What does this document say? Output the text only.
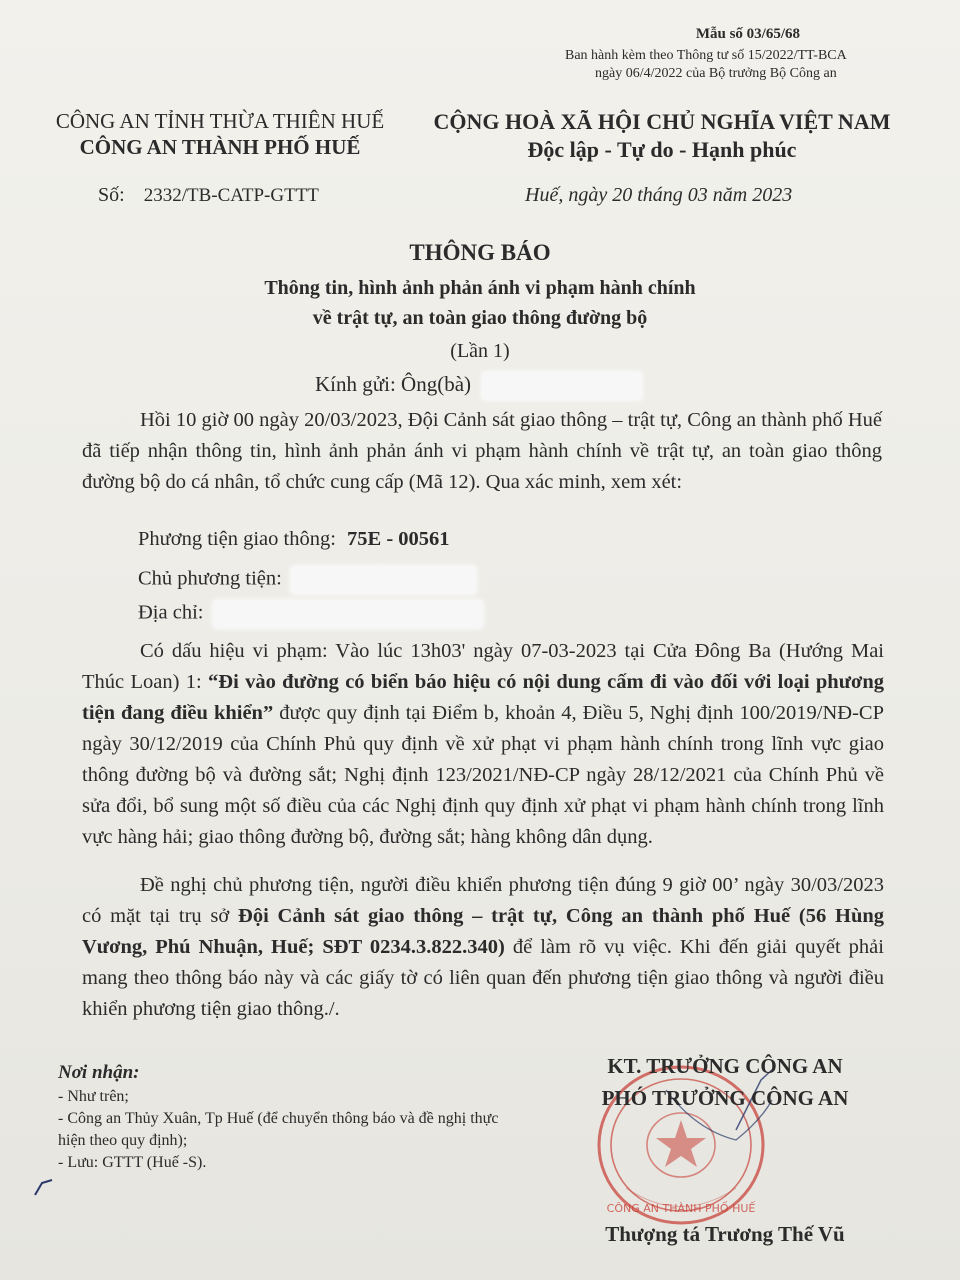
Mẫu số 03/65/68
Ban hành kèm theo Thông tư số 15/2022/TT-BCA
ngày 06/4/2022 của Bộ trưởng Bộ Công an
CÔNG AN TỈNH THỪA THIÊN HUẾ
CÔNG AN THÀNH PHỐ HUẾ
CỘNG HOÀ XÃ HỘI CHỦ NGHĨA VIỆT NAM
Độc lập - Tự do - Hạnh phúc
Số: 2332/TB-CATP-GTTT	Huế, ngày 20 tháng 03 năm 2023
THÔNG BÁO
Thông tin, hình ảnh phản ánh vi phạm hành chính
về trật tự, an toàn giao thông đường bộ
(Lần 1)
Kính gửi: Ông(bà)
Hồi 10 giờ 00 ngày 20/03/2023, Đội Cảnh sát giao thông – trật tự, Công an thành phố Huế đã tiếp nhận thông tin, hình ảnh phản ánh vi phạm hành chính về trật tự, an toàn giao thông đường bộ do cá nhân, tổ chức cung cấp (Mã 12). Qua xác minh, xem xét:
Phương tiện giao thông: 75E - 00561
Chủ phương tiện:
Địa chỉ:
Có dấu hiệu vi phạm: Vào lúc 13h03' ngày 07-03-2023 tại Cửa Đông Ba (Hướng Mai Thúc Loan) 1: “Đi vào đường có biển báo hiệu có nội dung cấm đi vào đối với loại phương tiện đang điều khiển” được quy định tại Điểm b, khoản 4, Điều 5, Nghị định 100/2019/NĐ-CP ngày 30/12/2019 của Chính Phủ quy định về xử phạt vi phạm hành chính trong lĩnh vực giao thông đường bộ và đường sắt; Nghị định 123/2021/NĐ-CP ngày 28/12/2021 của Chính Phủ về sửa đổi, bổ sung một số điều của các Nghị định quy định xử phạt vi phạm hành chính trong lĩnh vực hàng hải; giao thông đường bộ, đường sắt; hàng không dân dụng.
Đề nghị chủ phương tiện, người điều khiển phương tiện đúng 9 giờ 00’ ngày 30/03/2023 có mặt tại trụ sở Đội Cảnh sát giao thông – trật tự, Công an thành phố Huế (56 Hùng Vương, Phú Nhuận, Huế; SĐT 0234.3.822.340) để làm rõ vụ việc. Khi đến giải quyết phải mang theo thông báo này và các giấy tờ có liên quan đến phương tiện giao thông và người điều khiển phương tiện giao thông./.
Nơi nhận:
- Như trên;
- Công an Thủy Xuân, Tp Huế (để chuyển thông báo và đề nghị thực hiện theo quy định);
- Lưu: GTTT (Huế -S).
CÔNG AN THÀNH PHỐ HUẾ
KT. TRƯỞNG CÔNG AN
PHÓ TRƯỞNG CÔNG AN
Thượng tá Trương Thế Vũ
